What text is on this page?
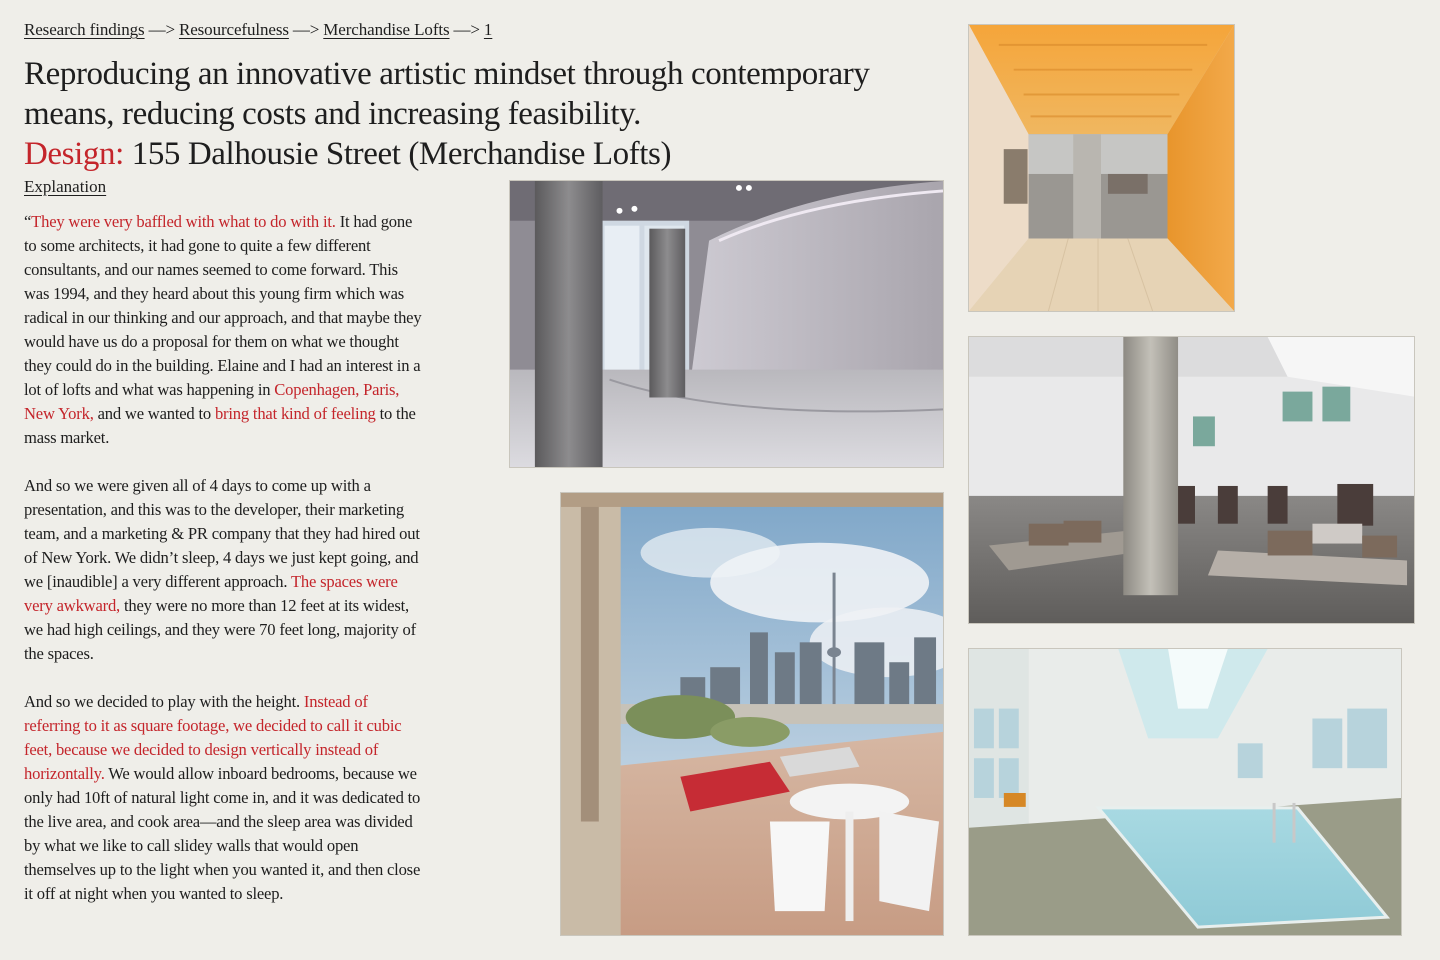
Research findings —> Resourcefulness —> Merchandise Lofts —> 1
Reproducing an innovative artistic mindset through contemporary means, reducing costs and increasing feasibility.
Design: 155 Dalhousie Street (Merchandise Lofts)
Explanation

“They were very baffled with what to do with it. It had gone to some architects, it had gone to quite a few different consultants, and our names seemed to come forward. This was 1994, and they heard about this young firm which was radical in our thinking and our approach, and that maybe they would have us do a proposal for them on what we thought they could do in the building. Elaine and I had an interest in a lot of lofts and what was happening in Copenhagen, Paris, New York, and we wanted to bring that kind of feeling to the mass market.

And so we were given all of 4 days to come up with a presentation, and this was to the developer, their marketing team, and a marketing & PR company that they had hired out of New York. We didn’t sleep, 4 days we just kept going, and we [inaudible] a very different approach. The spaces were very awkward, they were no more than 12 feet at its widest, we had high ceilings, and they were 70 feet long, majority of the spaces.

And so we decided to play with the height. Instead of referring to it as square footage, we decided to call it cubic feet, because we decided to design vertically instead of horizontally. We would allow inboard bedrooms, because we only had 10ft of natural light come in, and it was dedicated to the live area, and cook area—and the sleep area was divided by what we like to call slidey walls that would open themselves up to the light when you wanted it, and then close it off at night when you wanted to sleep.
